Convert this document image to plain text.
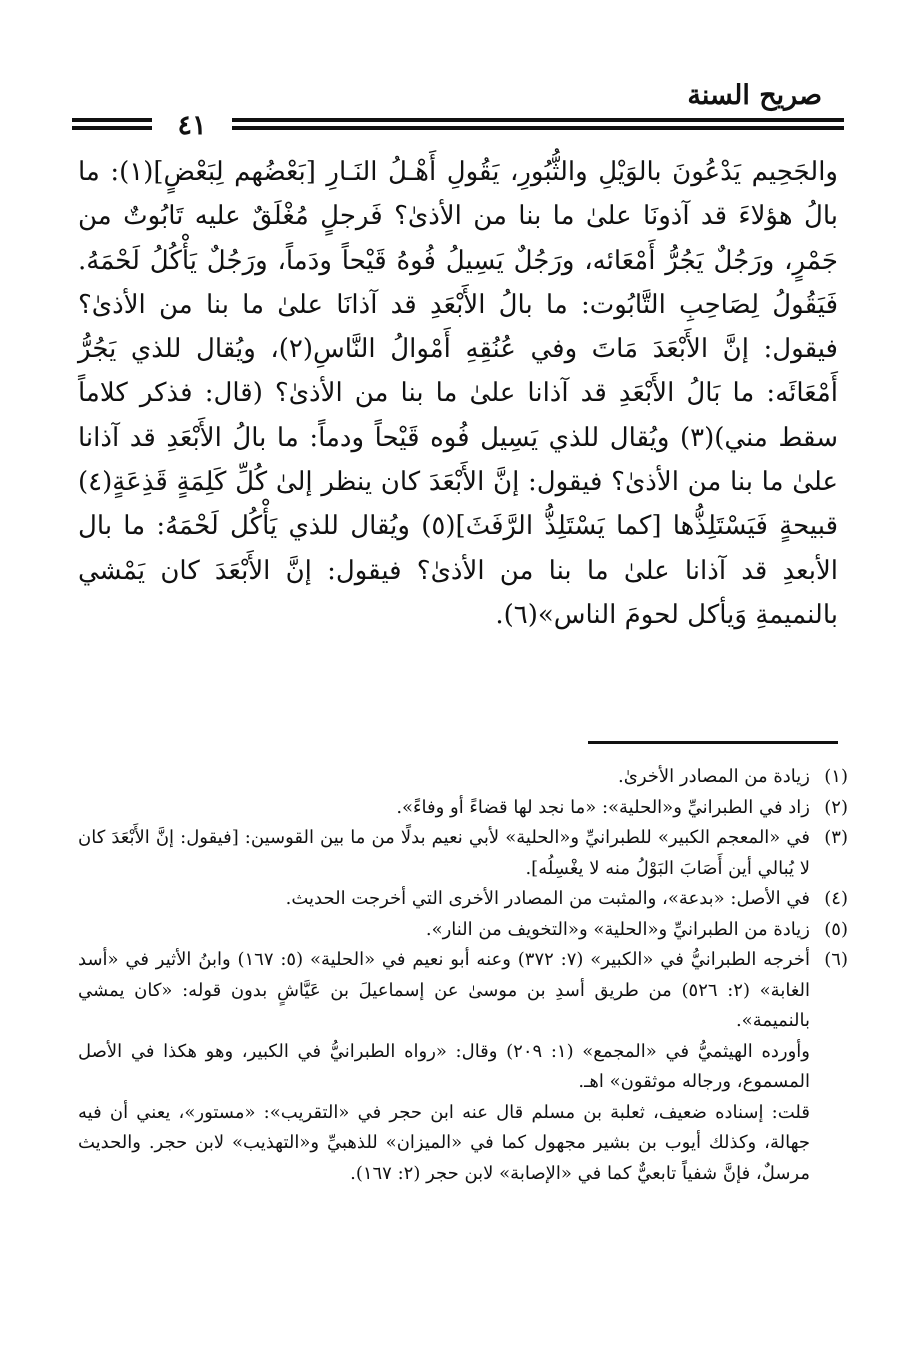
صريح السنة
٤١

والجَحِيم يَدْعُونَ بالوَيْلِ والثُّبُورِ، يَقُولِ أَهْـلُ النَـارِ [بَعْضُهم لِبَعْضٍ](١): ما بالُ هؤلاءَ قد آذونَا علىٰ ما بنا من الأذىٰ؟ فَرجلٍ مُغْلَقٌ عليه تَابُوتٌ من جَمْرٍ، ورَجُلٌ يَجُرُّ أَمْعَائه، ورَجُلٌ يَسِيلُ فُوهُ قَيْحاً ودَماً، ورَجُلٌ يَأْكُلُ لَحْمَهُ. فَيَقُولُ لِصَاحِبِ التَّابُوت: ما بالُ الأَبْعَدِ قد آذانَا علىٰ ما بنا من الأذىٰ؟ فيقول: إنَّ الأَبْعَدَ مَاتَ وفي عُنُقِهِ أَمْوالُ النَّاسِ(٢)، ويُقال للذي يَجُرُّ أَمْعَائَه: ما بَالُ الأَبْعَدِ قد آذانا علىٰ ما بنا من الأذىٰ؟ (قال: فذكر كلاماً سقط مني)(٣) ويُقال للذي يَسِيل فُوه قَيْحاً ودماً: ما بالُ الأَبْعَدِ قد آذانا علىٰ ما بنا من الأذىٰ؟ فيقول: إنَّ الأَبْعَدَ كان ينظر إلىٰ كُلِّ كَلِمَةٍ قَذِعَةٍ(٤) قبيحةٍ فَيَسْتَلِذُّها [كما يَسْتَلِذُّ الرَّفَثَ](٥) ويُقال للذي يَأْكُل لَحْمَهُ: ما بال الأبعدِ قد آذانا علىٰ ما بنا من الأذىٰ؟ فيقول: إنَّ الأَبْعَدَ كان يَمْشي بالنميمةِ وَيأكل لحومَ الناس»(٦).

(١)
زيادة من المصادر الأخرىٰ.
(٢)
زاد في الطبرانيِّ و«الحلية»: «ما نجد لها قضاءً أو وفاءً».
(٣)
في «المعجم الكبير» للطبرانيِّ و«الحلية» لأبي نعيم بدلًا من ما بين القوسين: [فيقول: إنَّ الأَبْعَدَ كان لا يُبالي أين أَصَابَ البَوْلُ منه لا يغْسِلُه].
(٤)
في الأصل: «بدعة»، والمثبت من المصادر الأخرى التي أخرجت الحديث.
(٥)
زيادة من الطبرانيِّ و«الحلية» و«التخويف من النار».
(٦)
أخرجه الطبرانيُّ في «الكبير» (٧: ٣٧٢) وعنه أبو نعيم في «الحلية» (٥: ١٦٧) وابنُ الأثير في «أسد الغابة» (٢: ٥٢٦) من طريق أسدِ بن موسىٰ عن إسماعيلَ بن عَيَّاشٍ بدون قوله: «كان يمشي بالنميمة».
وأورده الهيثميُّ في «المجمع» (١: ٢٠٩) وقال: «رواه الطبرانيُّ في الكبير، وهو هكذا في الأصل المسموع، ورجاله موثقون» اهـ.
قلت: إسناده ضعيف، ثعلبة بن مسلم قال عنه ابن حجر في «التقريب»: «مستور»، يعني أن فيه جهالة، وكذلك أيوب بن بشير مجهول كما في «الميزان» للذهبيِّ و«التهذيب» لابن حجر. والحديث مرسلٌ، فإنَّ شفياً تابعيٌّ كما في «الإصابة» لابن حجر (٢: ١٦٧).
